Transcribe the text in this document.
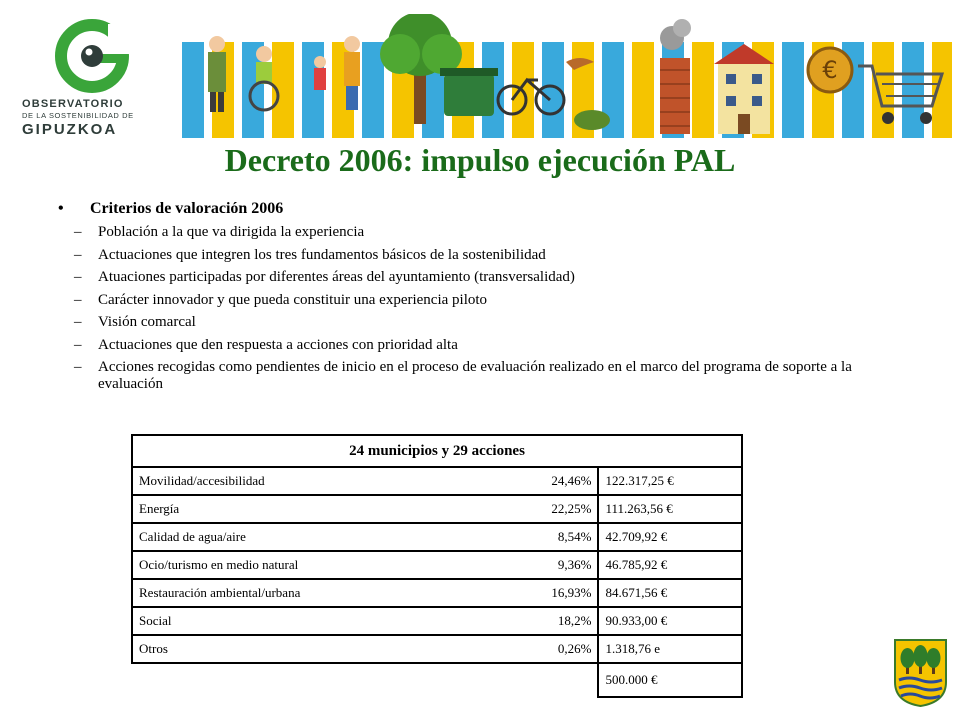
OBSERVATORIO
DE LA SOSTENIBILIDAD DE
GIPUZKOA
€
Decreto 2006: impulso ejecución PAL
•	Criterios de valoración 2006
–	Población a la que va dirigida la experiencia
–	Actuaciones que integren los tres fundamentos básicos de la sostenibilidad
–	Atuaciones participadas por diferentes áreas del ayuntamiento (transversalidad)
–	Carácter innovador y que pueda constituir una experiencia piloto
–	Visión comarcal
–	Actuaciones que den respuesta a acciones con prioridad alta
–	Acciones recogidas como pendientes de inicio en el proceso de evaluación realizado en el marco del programa de soporte a la evaluación
24 municipios y 29 acciones		
Movilidad/accesibilidad	24,46%	122.317,25 €
Energía	22,25%	111.263,56 €
Calidad de agua/aire	8,54%	42.709,92 €
Ocio/turismo en medio natural	9,36%	46.785,92 €
Restauración ambiental/urbana	16,93%	84.671,56 €
Social	18,2%	90.933,00 €
Otros	0,26%	1.318,76 e
		500.000 €
